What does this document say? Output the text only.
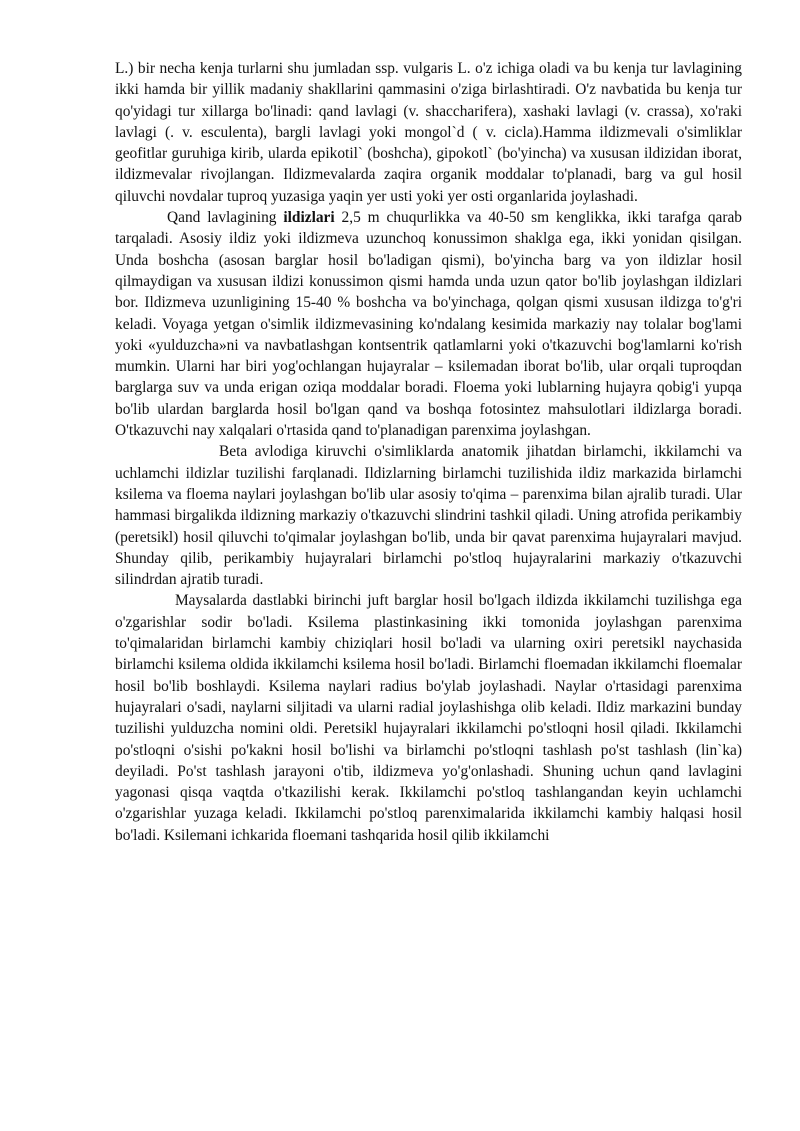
L.) bir necha kenja turlarni shu jumladan ssp. vulgaris L. o'z ichiga oladi va bu kenja tur lavlagining ikki hamda bir yillik madaniy shakllarini qammasini o'ziga birlashtiradi. O'z navbatida bu kenja tur qo'yidagi tur xillarga bo'linadi: qand lavlagi (v. shaccharifera), xashaki lavlagi (v. crassa), xo'raki lavlagi (. v. esculenta), bargli lavlagi yoki mongol`d ( v. cicla).Hamma ildizmevali o'simliklar geofitlar guruhiga kirib, ularda epikotil` (boshcha), gipokotl` (bo'yincha) va xususan ildizidan iborat, ildizmevalar rivojlangan. Ildizmevalarda zaqira organik moddalar to'planadi, barg va gul hosil qiluvchi novdalar tuproq yuzasiga yaqin yer usti yoki yer osti organlarida joylashadi.

Qand lavlagining ildizlari 2,5 m chuqurlikka va 40-50 sm kenglikka, ikki tarafga qarab tarqaladi. Asosiy ildiz yoki ildizmeva uzunchoq konussimon shaklga ega, ikki yonidan qisilgan. Unda boshcha (asosan barglar hosil bo'ladigan qismi), bo'yincha barg va yon ildizlar hosil qilmaydigan va xususan ildizi konussimon qismi hamda unda uzun qator bo'lib joylashgan ildizlari bor. Ildizmeva uzunligining 15-40 % boshcha va bo'yinchaga, qolgan qismi xususan ildizga to'g'ri keladi. Voyaga yetgan o'simlik ildizmevasining ko'ndalang kesimida markaziy nay tolalar bog'lami yoki «yulduzcha»ni va navbatlashgan kontsentrik qatlamlarni yoki o'tkazuvchi bog'lamlarni ko'rish mumkin. Ularni har biri yog'ochlangan hujayralar – ksilemadan iborat bo'lib, ular orqali tuproqdan barglarga suv va unda erigan oziqa moddalar boradi. Floema yoki lublarning hujayra qobig'i yupqa bo'lib ulardan barglarda hosil bo'lgan qand va boshqa fotosintez mahsulotlari ildizlarga boradi. O'tkazuvchi nay xalqalari o'rtasida qand to'planadigan parenxima joylashgan.

Beta avlodiga kiruvchi o'simliklarda anatomik jihatdan birlamchi, ikkilamchi va uchlamchi ildizlar tuzilishi farqlanadi. Ildizlarning birlamchi tuzilishida ildiz markazida birlamchi ksilema va floema naylari joylashgan bo'lib ular asosiy to'qima – parenxima bilan ajralib turadi. Ular hammasi birgalikda ildizning markaziy o'tkazuvchi slindrini tashkil qiladi. Uning atrofida perikambiy (peretsikl) hosil qiluvchi to'qimalar joylashgan bo'lib, unda bir qavat parenxima hujayralari mavjud. Shunday qilib, perikambiy hujayralari birlamchi po'stloq hujayralarini markaziy o'tkazuvchi silindrdan ajratib turadi.

Maysalarda dastlabki birinchi juft barglar hosil bo'lgach ildizda ikkilamchi tuzilishga ega o'zgarishlar sodir bo'ladi. Ksilema plastinkasining ikki tomonida joylashgan parenxima to'qimalaridan birlamchi kambiy chiziqlari hosil bo'ladi va ularning oxiri peretsikl naychasida birlamchi ksilema oldida ikkilamchi ksilema hosil bo'ladi. Birlamchi floemadan ikkilamchi floemalar hosil bo'lib boshlaydi. Ksilema naylari radius bo'ylab joylashadi. Naylar o'rtasidagi parenxima hujayralari o'sadi, naylarni siljitadi va ularni radial joylashishga olib keladi. Ildiz markazini bunday tuzilishi yulduzcha nomini oldi. Peretsikl hujayralari ikkilamchi po'stloqni hosil qiladi. Ikkilamchi po'stloqni o'sishi po'kakni hosil bo'lishi va birlamchi po'stloqni tashlash po'st tashlash (lin`ka) deyiladi. Po'st tashlash jarayoni o'tib, ildizmeva yo'g'onlashadi. Shuning uchun qand lavlagini yagonasi qisqa vaqtda o'tkazilishi kerak. Ikkilamchi po'stloq tashlangandan keyin uchlamchi o'zgarishlar yuzaga keladi. Ikkilamchi po'stloq parenximalarida ikkilamchi kambiy halqasi hosil bo'ladi. Ksilemani ichkarida floemani tashqarida hosil qilib ikkilamchi
